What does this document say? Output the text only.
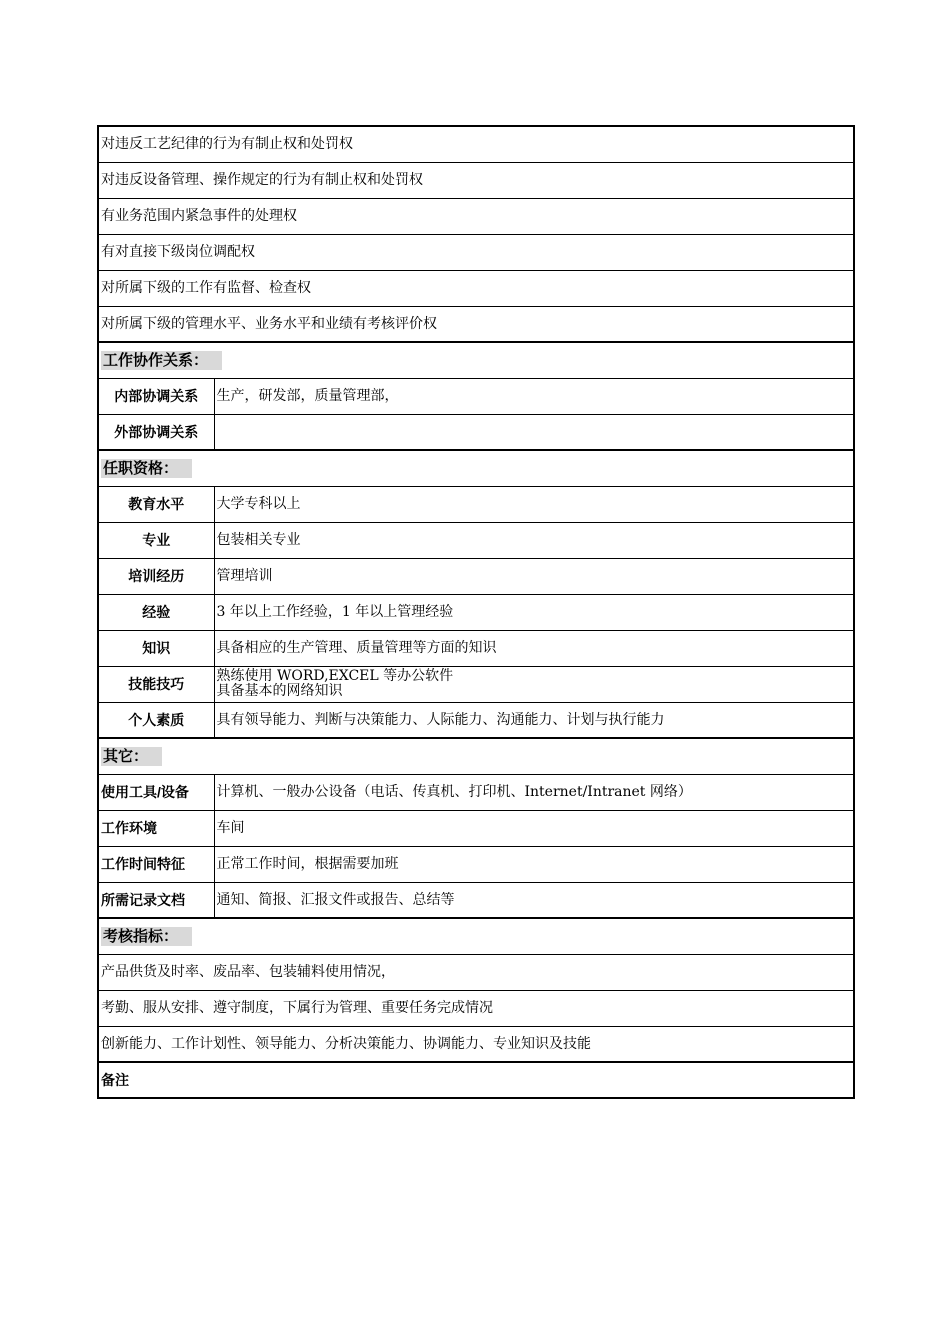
对违反工艺纪律的行为有制止权和处罚权	
对违反设备管理、操作规定的行为有制止权和处罚权	
有业务范围内紧急事件的处理权	
有对直接下级岗位调配权	
对所属下级的工作有监督、检查权	
对所属下级的管理水平、业务水平和业绩有考核评价权	
工作协作关系：	
内部协调关系	生产，研发部，质量管理部，
外部协调关系	
任职资格：	
教育水平	大学专科以上
专业	包装相关专业
培训经历	管理培训
经验	3 年以上工作经验，1 年以上管理经验
知识	具备相应的生产管理、质量管理等方面的知识
技能技巧	熟练使用 WORD,EXCEL 等办公软件
具备基本的网络知识

个人素质	具有领导能力、判断与决策能力、人际能力、沟通能力、计划与执行能力
其它：	
使用工具/设备	计算机、一般办公设备（电话、传真机、打印机、Internet/Intranet 网络）
工作环境	车间
工作时间特征	正常工作时间，根据需要加班
所需记录文档	通知、简报、汇报文件或报告、总结等
考核指标：	
产品供货及时率、废品率、包装辅料使用情况，	
考勤、服从安排、遵守制度，下属行为管理、重要任务完成情况	
创新能力、工作计划性、领导能力、分析决策能力、协调能力、专业知识及技能	
备注	
